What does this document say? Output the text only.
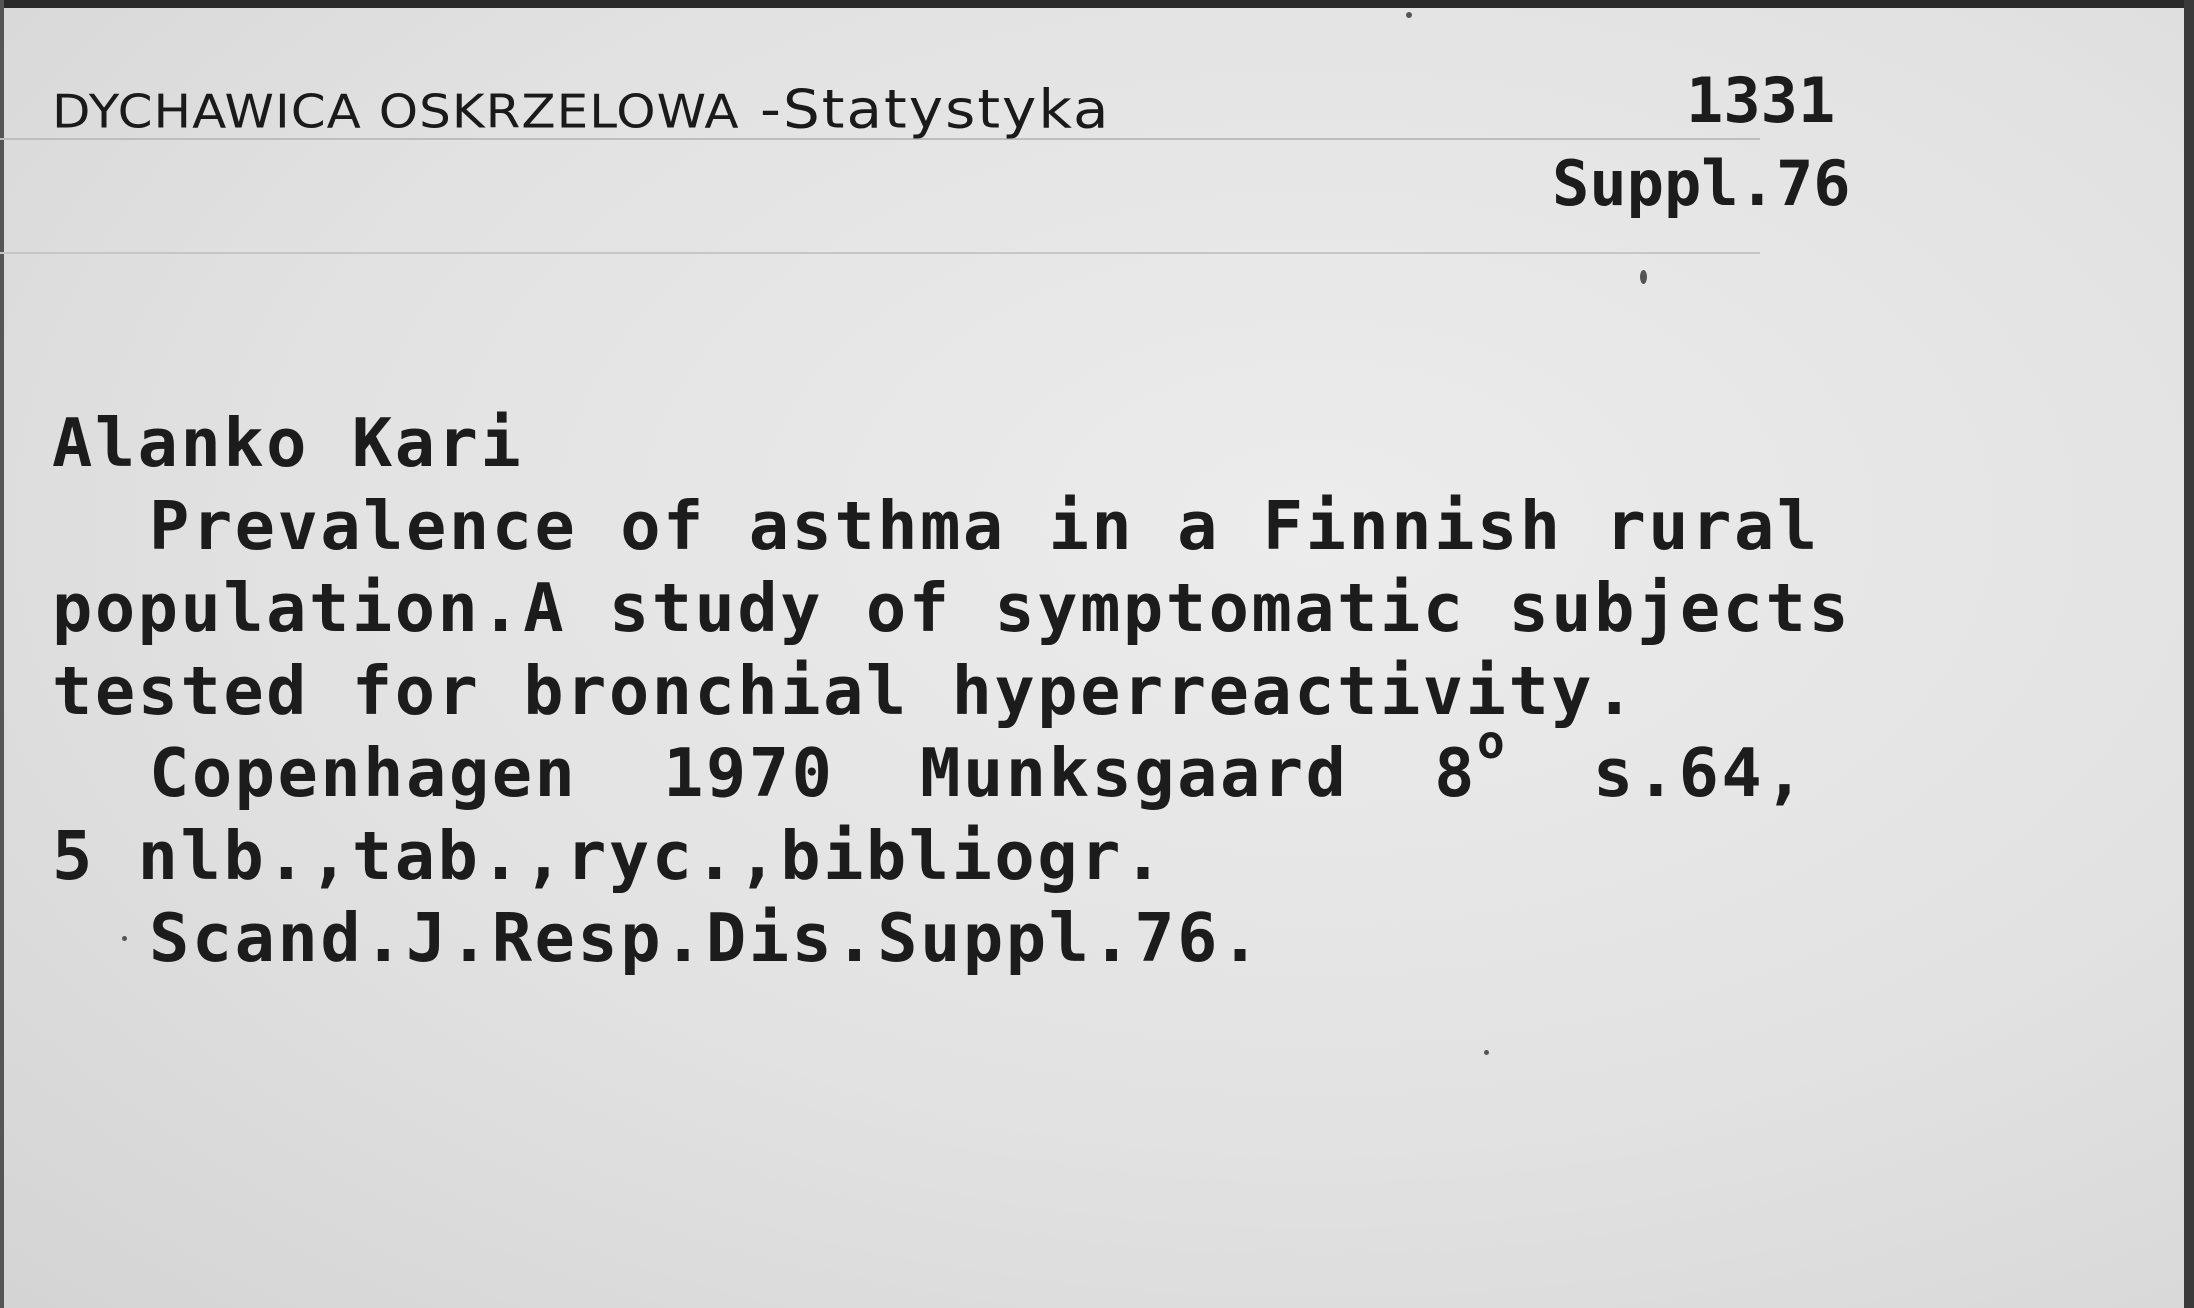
DYCHAWICA OSKRZELOWA -Statystyka	1331
Suppl.76
Alanko Kari
Prevalence of asthma in a Finnish rural
population.A study of symptomatic subjects
tested for bronchial hyperreactivity.
Copenhagen 1970 Munksgaard 8$^o$ s.64,
5 nlb.,tab.,ryc.,bibliogr.
Scand.J.Resp.Dis.Suppl.76.
